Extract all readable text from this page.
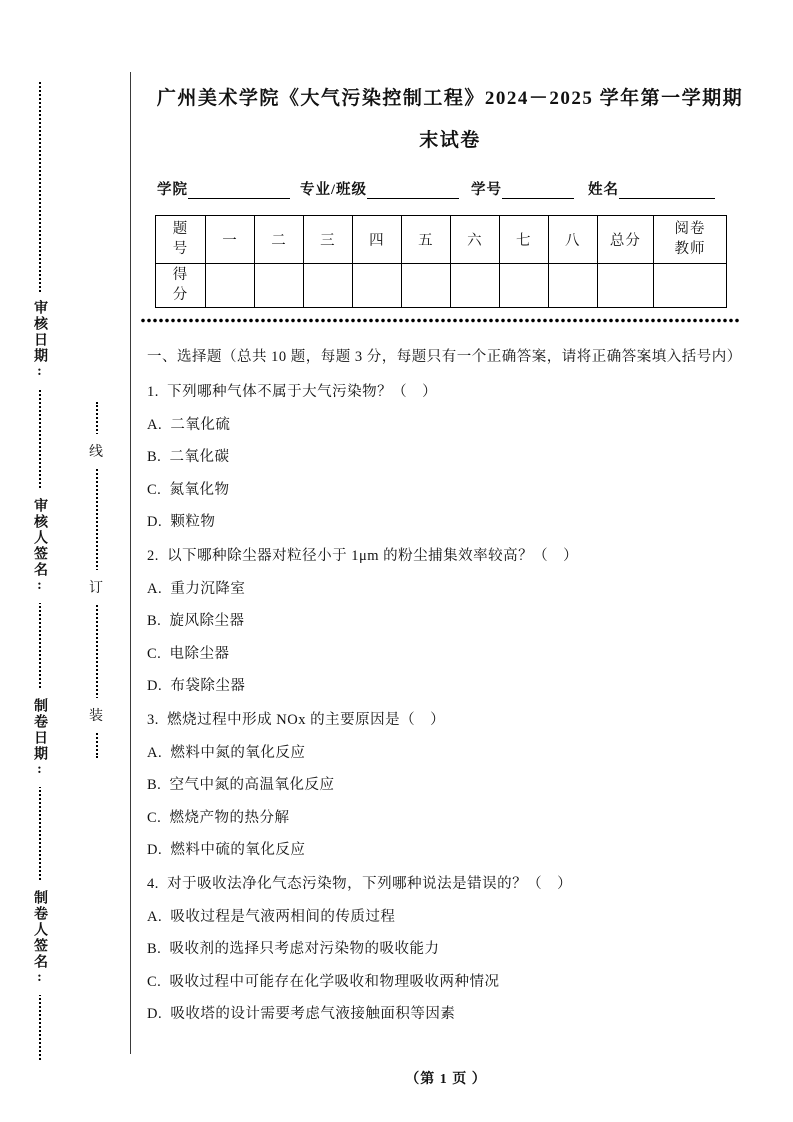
审核日期:
审核人签名:
制卷日期:
制卷人签名:
线
订
装
广州美术学院《大气污染控制工程》2024－2025 学年第一学期期末试卷
学院	专业/班级	学号	姓名
题号	一	二	三	四	五	六	七	八	总分	阅卷教师
得分										

一、选择题（总共 10 题，每题 3 分，每题只有一个正确答案，请将正确答案填入括号内）

1.  下列哪种气体不属于大气污染物？（　）

A.  二氧化硫

B.  二氧化碳

C.  氮氧化物

D.  颗粒物

2.  以下哪种除尘器对粒径小于 1μm 的粉尘捕集效率较高？（　）

A.  重力沉降室

B.  旋风除尘器

C.  电除尘器

D.  布袋除尘器

3.  燃烧过程中形成 NOx 的主要原因是（　）

A.  燃料中氮的氧化反应

B.  空气中氮的高温氧化反应

C.  燃烧产物的热分解

D.  燃料中硫的氧化反应

4.  对于吸收法净化气态污染物，下列哪种说法是错误的？（　）

A.  吸收过程是气液两相间的传质过程

B.  吸收剂的选择只考虑对污染物的吸收能力

C.  吸收过程中可能存在化学吸收和物理吸收两种情况

D.  吸收塔的设计需要考虑气液接触面积等因素

（第 1 页 ）
